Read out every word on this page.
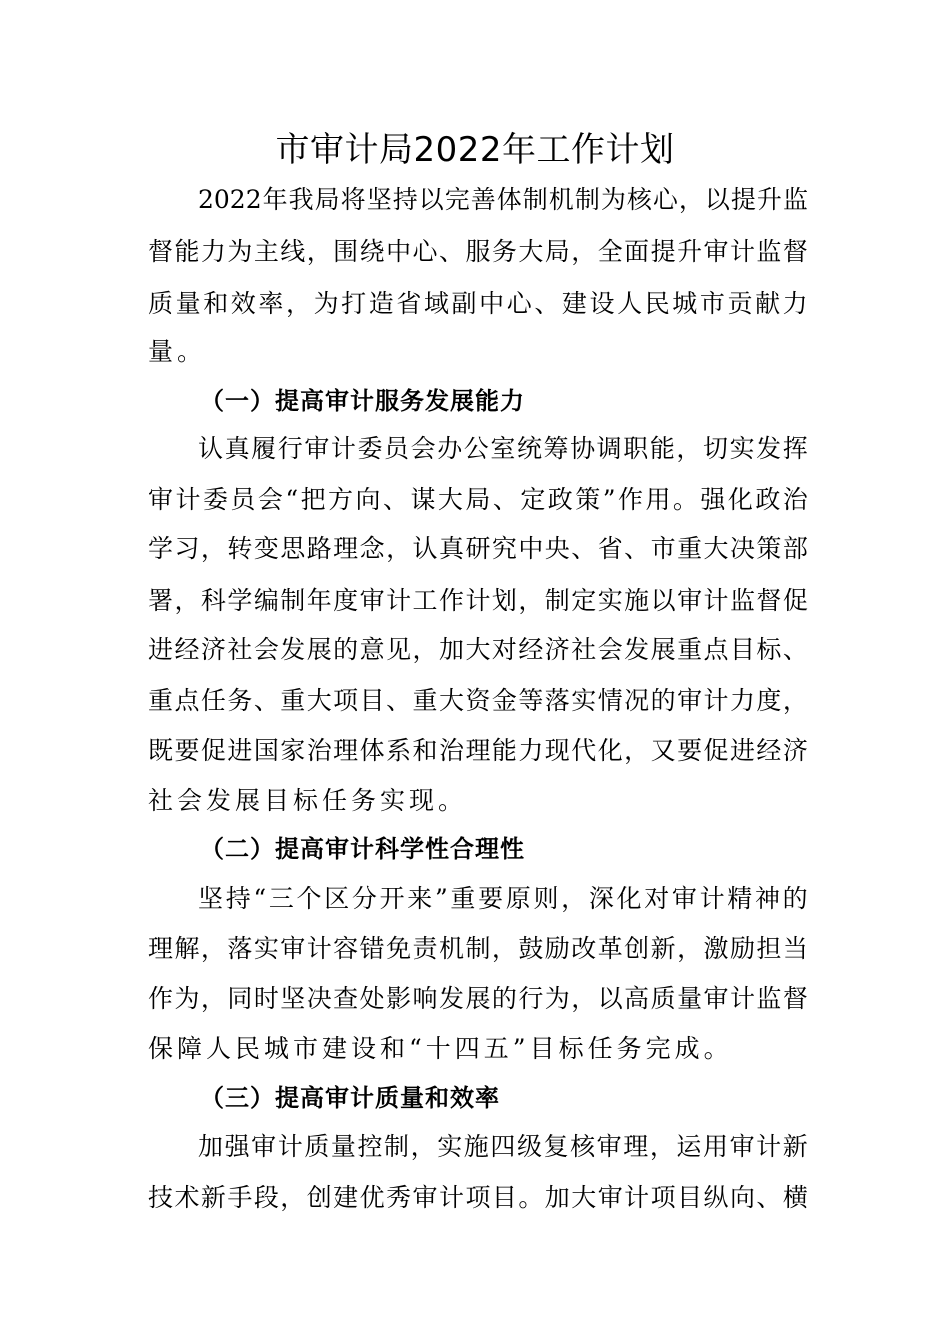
市审计局2022年工作计划
2022 年 我 局 将 坚 持 以 完 善 体 制 机 制 为 核 心 ， 以 提 升 监
督 能 力 为 主 线 ， 围 绕 中 心 、 服 务 大 局 ， 全 面 提 升 审 计 监 督
质 量 和 效 率 ， 为 打 造 省 域 副 中 心 、 建 设 人 民 城 市 贡 献 力
量。
（一）提高审计服务发展能力
认 真 履 行 审 计 委 员 会 办 公 室 统 筹 协 调 职 能 ， 切 实 发 挥
审 计 委 员 会 “ 把 方 向 、 谋 大 局 、 定 政 策 ” 作 用 。 强 化 政 治
学 习 ， 转 变 思 路 理 念 ， 认 真 研 究 中 央 、 省 、 市 重 大 决 策 部
署 ， 科 学 编 制 年 度 审 计 工 作 计 划 ， 制 定 实 施 以 审 计 监 督 促
进 经 济 社 会 发 展 的 意 见 ， 加 大 对 经 济 社 会 发 展 重 点 目 标 、
重 点 任 务 、 重 大 项 目 、 重 大 资 金 等 落 实 情 况 的 审 计 力 度 ，
既 要 促 进 国 家 治 理 体 系 和 治 理 能 力 现 代 化 ， 又 要 促 进 经 济
社会发展目标任务实现。
（二）提高审计科学性合理性
坚 持 “ 三 个 区 分 开 来 ” 重 要 原 则 ， 深 化 对 审 计 精 神 的
理 解 ， 落 实 审 计 容 错 免 责 机 制 ， 鼓 励 改 革 创 新 ， 激 励 担 当
作 为 ， 同 时 坚 决 查 处 影 响 发 展 的 行 为 ， 以 高 质 量 审 计 监 督
保障人民城市建设和“十四五”目标任务完成。
（三）提高审计质量和效率
加 强 审 计 质 量 控 制 ， 实 施 四 级 复 核 审 理 ， 运 用 审 计 新
技 术 新 手 段 ， 创 建 优 秀 审 计 项 目 。 加 大 审 计 项 目 纵 向 、 横
